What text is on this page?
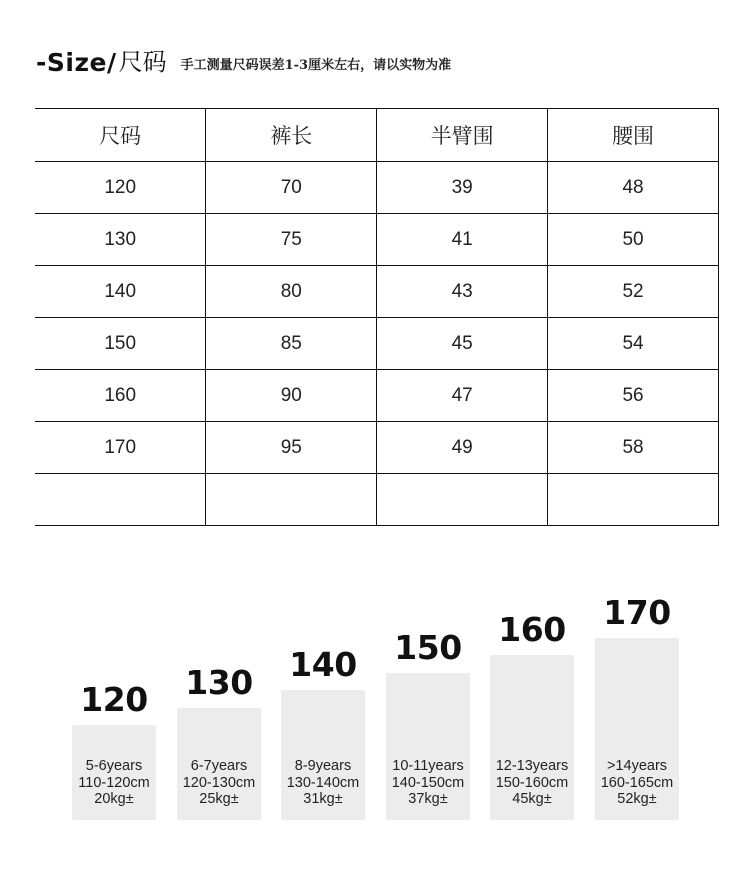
-Size/ 尺码 手工测量尺码误差1-3厘米左右，请以实物为准
尺码	裤长	半臂围	腰围
120	70	39	48
130	75	41	50
140	80	43	52
150	85	45	54
160	90	47	56
170	95	49	58

120
5-6years
110-120cm
20kg±
130
6-7years
120-130cm
25kg±
140
8-9years
130-140cm
31kg±
150
10-11years
140-150cm
37kg±
160
12-13years
150-160cm
45kg±
170
>14years
160-165cm
52kg±
